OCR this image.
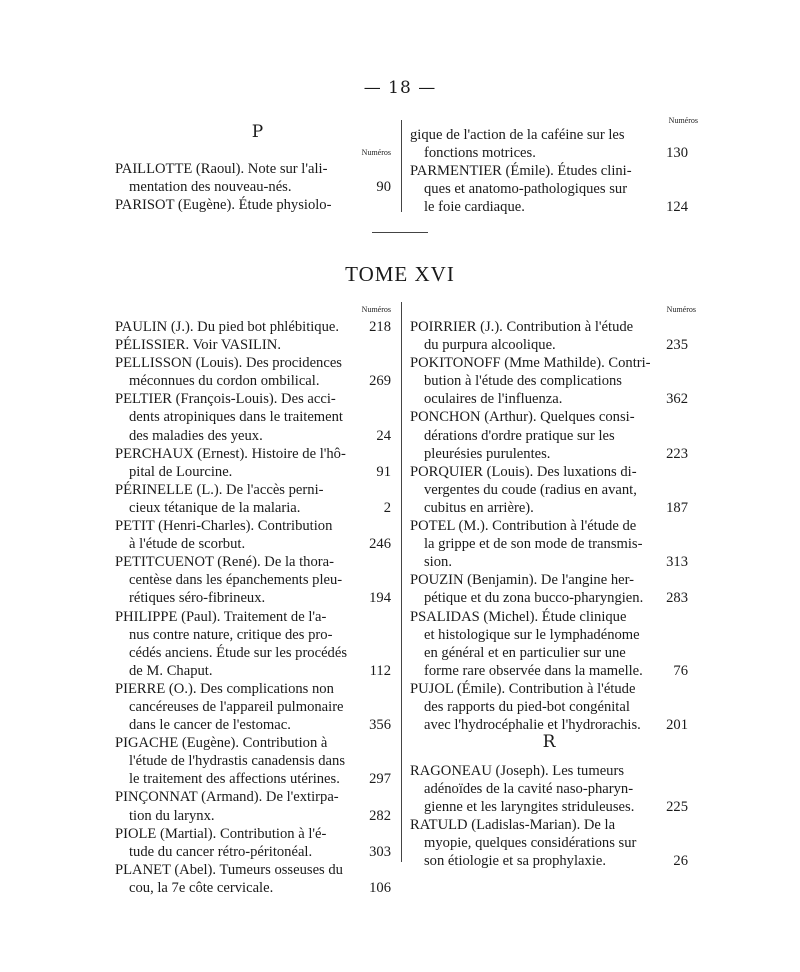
— 18 —
P
Numéros
Numéros
PAILLOTTE (Raoul). Note sur l'ali-
mentation des nouveau-nés.	90
PARISOT (Eugène). Étude physiolo-
gique de l'action de la caféine sur les
fonctions motrices.	130
PARMENTIER (Émile). Études clini-
ques et anatomo-pathologiques sur
le foie cardiaque.	124
TOME XVI
Numéros	Numéros
PAULIN (J.). Du pied bot phlébitique.	218
PÉLISSIER. Voir VASILIN.
PELLISSON (Louis). Des procidences
méconnues du cordon ombilical.	269
PELTIER (François-Louis). Des acci-
dents atropiniques dans le traitement
des maladies des yeux.	24
PERCHAUX (Ernest). Histoire de l'hô-
pital de Lourcine.	91
PÉRINELLE (L.). De l'accès perni-
cieux tétanique de la malaria.	2
PETIT (Henri-Charles). Contribution
à l'étude de scorbut.	246
PETITCUENOT (René). De la thora-
centèse dans les épanchements pleu-
rétiques séro-fibrineux.	194
PHILIPPE (Paul). Traitement de l'a-
nus contre nature, critique des pro-
cédés anciens. Étude sur les procédés
de M. Chaput.	112
PIERRE (O.). Des complications non
cancéreuses de l'appareil pulmonaire
dans le cancer de l'estomac.	356
PIGACHE (Eugène). Contribution à
l'étude de l'hydrastis canadensis dans
le traitement des affections utérines.	297
PINÇONNAT (Armand). De l'extirpa-
tion du larynx.	282
PIOLE (Martial). Contribution à l'é-
tude du cancer rétro-péritonéal.	303
PLANET (Abel). Tumeurs osseuses du
cou, la 7e côte cervicale.	106
POIRRIER (J.). Contribution à l'étude
du purpura alcoolique.	235
POKITONOFF (Mme Mathilde). Contri-
bution à l'étude des complications
oculaires de l'influenza.	362
PONCHON (Arthur). Quelques consi-
dérations d'ordre pratique sur les
pleurésies purulentes.	223
PORQUIER (Louis). Des luxations di-
vergentes du coude (radius en avant,
cubitus en arrière).	187
POTEL (M.). Contribution à l'étude de
la grippe et de son mode de transmis-
sion.	313
POUZIN (Benjamin). De l'angine her-
pétique et du zona bucco-pharyngien.	283
PSALIDAS (Michel). Étude clinique
et histologique sur le lymphadénome
en général et en particulier sur une
forme rare observée dans la mamelle.	76
PUJOL (Émile). Contribution à l'étude
des rapports du pied-bot congénital
avec l'hydrocéphalie et l'hydrorachis.	201
R
RAGONEAU (Joseph). Les tumeurs
adénoïdes de la cavité naso-pharyn-
gienne et les laryngites striduleuses.	225
RATULD (Ladislas-Marian). De la
myopie, quelques considérations sur
son étiologie et sa prophylaxie.	26
